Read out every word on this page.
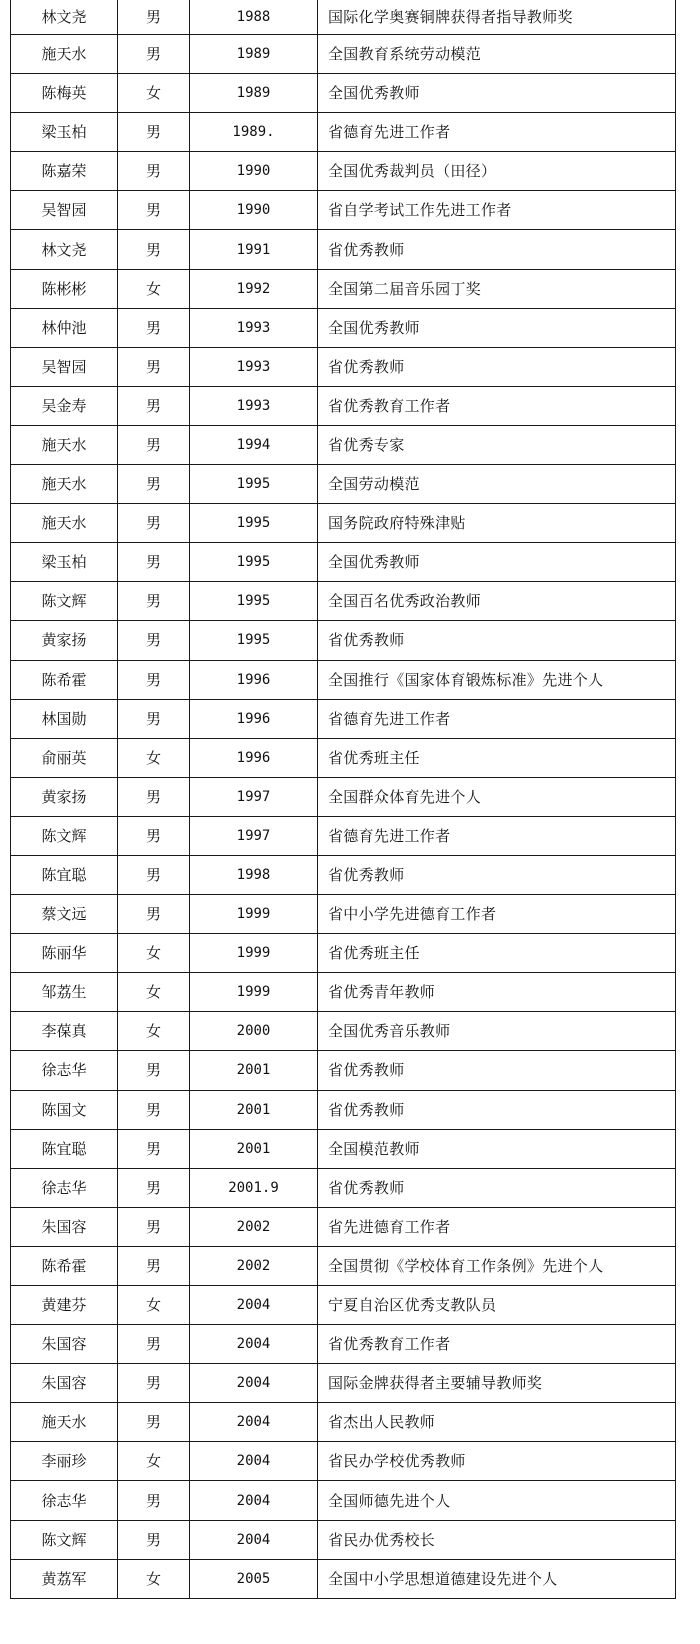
林文尧	男	1988	国际化学奥赛铜牌获得者指导教师奖
施天水	男	1989	全国教育系统劳动模范
陈梅英	女	1989	全国优秀教师
梁玉柏	男	1989.	省德育先进工作者
陈嘉荣	男	1990	全国优秀裁判员（田径）
吴智园	男	1990	省自学考试工作先进工作者
林文尧	男	1991	省优秀教师
陈彬彬	女	1992	全国第二届音乐园丁奖
林仲池	男	1993	全国优秀教师
吴智园	男	1993	省优秀教师
吴金寿	男	1993	省优秀教育工作者
施天水	男	1994	省优秀专家
施天水	男	1995	全国劳动模范
施天水	男	1995	国务院政府特殊津贴
梁玉柏	男	1995	全国优秀教师
陈文辉	男	1995	全国百名优秀政治教师
黄家扬	男	1995	省优秀教师
陈希霍	男	1996	全国推行《国家体育锻炼标准》先进个人
林国勋	男	1996	省德育先进工作者
俞丽英	女	1996	省优秀班主任
黄家扬	男	1997	全国群众体育先进个人
陈文辉	男	1997	省德育先进工作者
陈宜聪	男	1998	省优秀教师
蔡文远	男	1999	省中小学先进德育工作者
陈丽华	女	1999	省优秀班主任
邹荔生	女	1999	省优秀青年教师
李葆真	女	2000	全国优秀音乐教师
徐志华	男	2001	省优秀教师
陈国文	男	2001	省优秀教师
陈宜聪	男	2001	全国模范教师
徐志华	男	2001.9	省优秀教师
朱国容	男	2002	省先进德育工作者
陈希霍	男	2002	全国贯彻《学校体育工作条例》先进个人
黄建芬	女	2004	宁夏自治区优秀支教队员
朱国容	男	2004	省优秀教育工作者
朱国容	男	2004	国际金牌获得者主要辅导教师奖
施天水	男	2004	省杰出人民教师
李丽珍	女	2004	省民办学校优秀教师
徐志华	男	2004	全国师德先进个人
陈文辉	男	2004	省民办优秀校长
黄荔军	女	2005	全国中小学思想道德建设先进个人
